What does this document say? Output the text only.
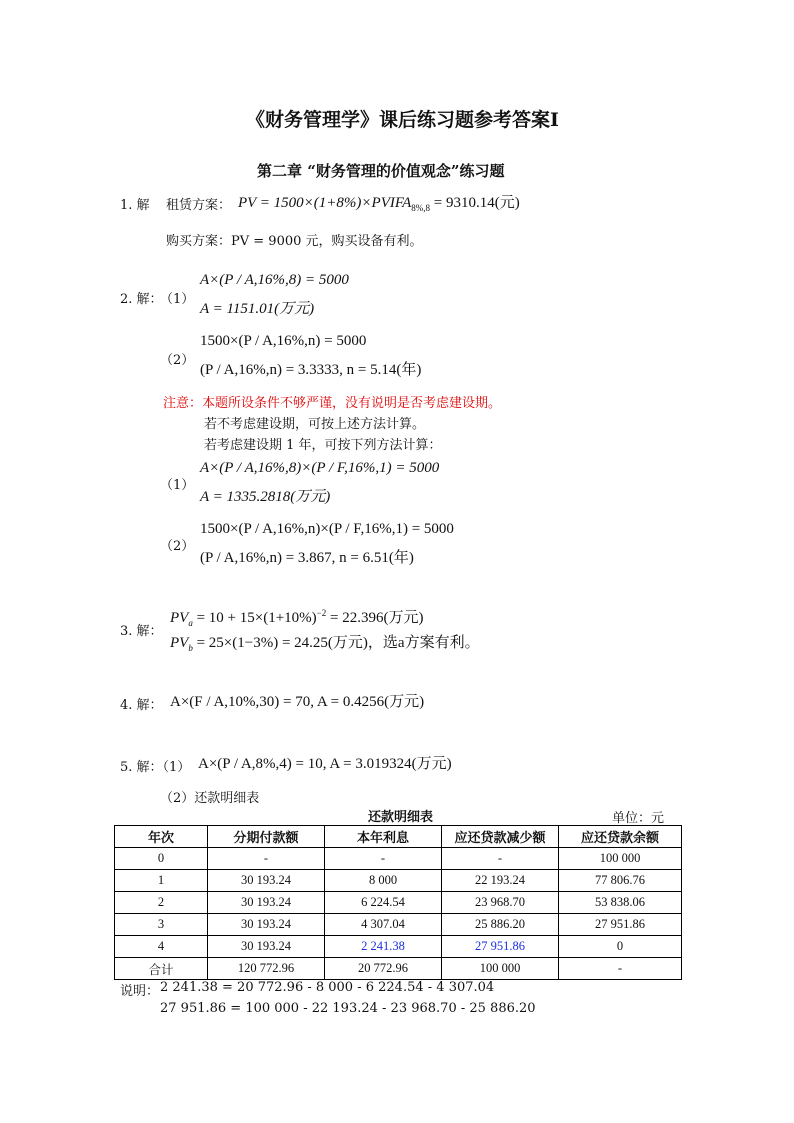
《财务管理学》课后练习题参考答案Ⅰ
第二章 “财务管理的价值观念”练习题
1. 解 租赁方案： PV = $1500\times(1+8\%)\times PVIFA_{8\%,8} = 9310.14$(元)
购买方案：PV = 9000 元，购买设备有利。
2. 解：
（1）
A×(P / A,16%,8) = 5000
A = 1151.01(万元)
（2）
1500×(P / A,16%,n) = 5000
(P / A,16%,n) = 3.3333, n = 5.14(年)
注意：本题所设条件不够严谨，没有说明是否考虑建设期。
若不考虑建设期，可按上述方法计算。
若考虑建设期 1 年，可按下列方法计算：
（1）
A×(P / A,16%,8)×(P / F,16%,1) = 5000
A = 1335.2818(万元)
（2）
1500×(P / A,16%,n)×(P / F,16%,1) = 5000
(P / A,16%,n) = 3.867, n = 6.51(年)
3. 解：
$PV_a = 10 + 15\times(1+10\%)^{-2} = 22.396$(万元)
$PV_b = 25\times(1-3\%) = 24.25$(万元)，选a方案有利。
4. 解： A×(F / A,10%,30) = 70, A = 0.4256(万元)
5. 解：（1） A×(P / A,8%,4) = 10, A = 3.019324(万元)
（2）还款明细表
还款明细表	单位：元
年次	分期付款额	本年利息	应还贷款减少额	应还贷款余额
0	-	-	-	100 000
1	30 193.24	8 000	22 193.24	77 806.76
2	30 193.24	6 224.54	23 968.70	53 838.06
3	30 193.24	4 307.04	25 886.20	27 951.86
4	30 193.24	2 241.38	27 951.86	0
合计	120 772.96	20 772.96	100 000	-
说明： 2 241.38 = 20 772.96 - 8 000 - 6 224.54 - 4 307.04
27 951.86 = 100 000 - 22 193.24 - 23 968.70 - 25 886.20
